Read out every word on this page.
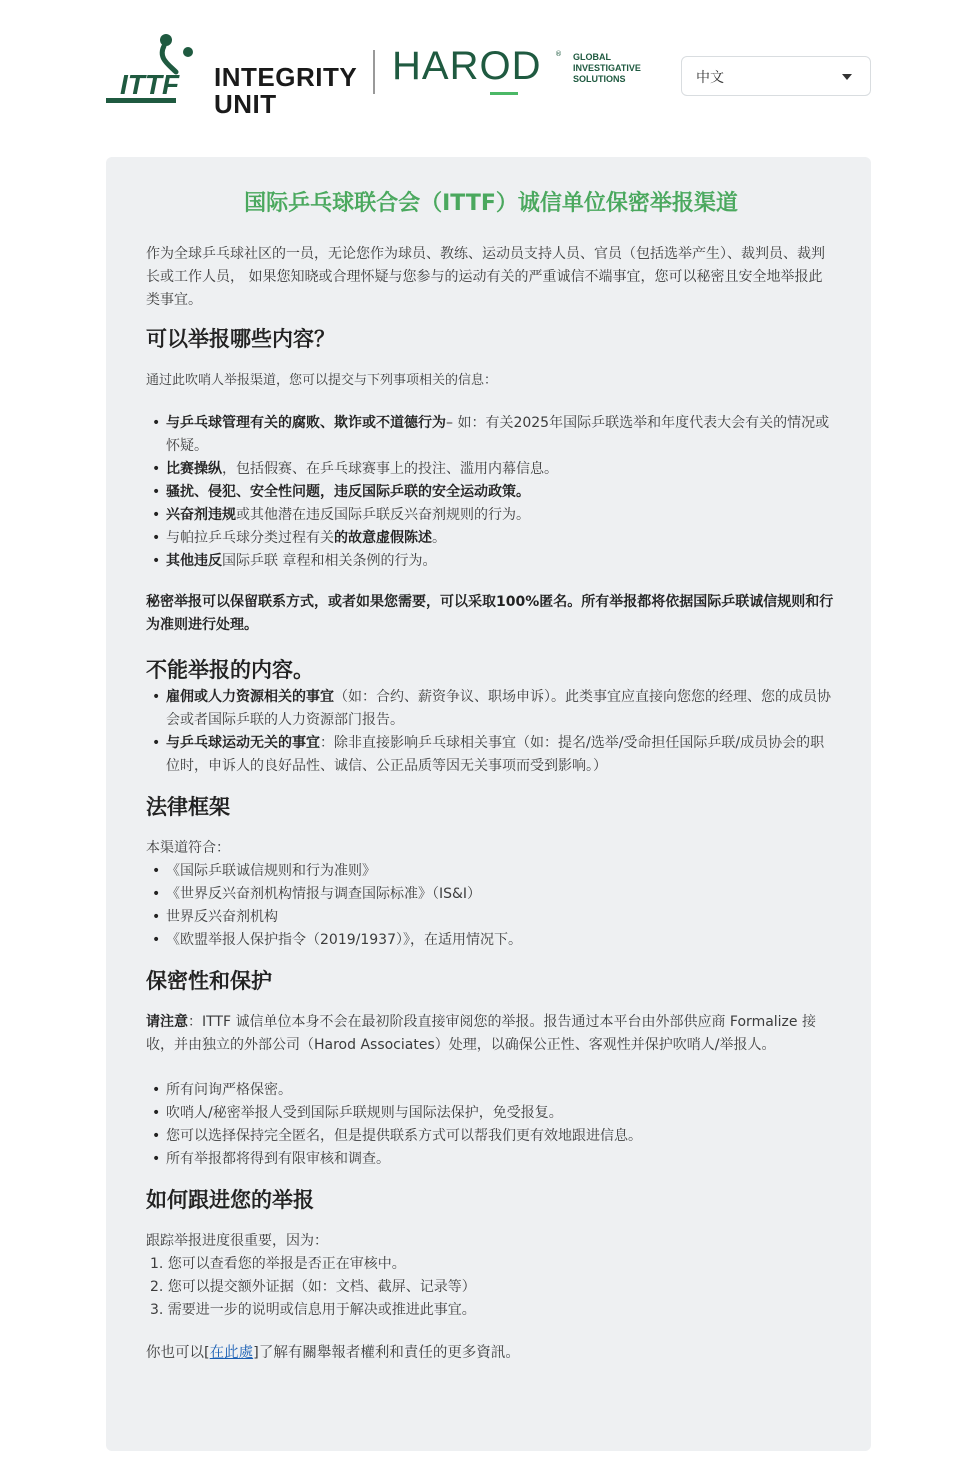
ITTF INTEGRITY
UNIT
HAROD ® GLOBAL
INVESTIGATIVE
SOLUTIONS	中文
国际乒乓球联合会（ITTF）诚信单位保密举报渠道

作为全球乒乓球社区的一员，无论您作为球员、教练、运动员支持人员、官员（包括选举产生）、裁判员、裁判长或工作人员， 如果您知晓或合理怀疑与您参与的运动有关的严重诚信不端事宜，您可以秘密且安全地举报此类事宜。

可以举报哪些内容？

通过此吹哨人举报渠道，您可以提交与下列事项相关的信息：

• 与乒乓球管理有关的腐败、欺诈或不道德行为– 如：有关2025年国际乒联选举和年度代表大会有关的情况或怀疑。
• 比赛操纵，包括假赛、在乒乓球赛事上的投注、滥用内幕信息。
• 骚扰、侵犯、安全性问题，违反国际乒联的安全运动政策。
• 兴奋剂违规或其他潜在违反国际乒联反兴奋剂规则的行为。
• 与帕拉乒乓球分类过程有关的故意虚假陈述。
• 其他违反国际乒联 章程和相关条例的行为。

秘密举报可以保留联系方式，或者如果您需要，可以采取100%匿名。所有举报都将依据国际乒联诚信规则和行为准则进行处理。

不能举报的内容。
• 雇佣或人力资源相关的事宜（如：合约、薪资争议、职场申诉）。此类事宜应直接向您您的经理、您的成员协会或者国际乒联的人力资源部门报告。
• 与乒乓球运动无关的事宜：除非直接影响乒乓球相关事宜（如：提名/选举/受命担任国际乒联/成员协会的职位时，申诉人的良好品性、诚信、公正品质等因无关事项而受到影响。）
法律框架

本渠道符合：

• 《国际乒联诚信规则和行为准则》
• 《世界反兴奋剂机构情报与调查国际标准》（IS&I）
• 世界反兴奋剂机构
• 《欧盟举报人保护指令（2019/1937）》，在适用情况下。
保密性和保护

请注意：ITTF 诚信单位本身不会在最初阶段直接审阅您的举报。报告通过本平台由外部供应商 Formalize 接收，并由独立的外部公司（Harod Associates）处理，以确保公正性、客观性并保护吹哨人/举报人。

• 所有问询严格保密。
• 吹哨人/秘密举报人受到国际乒联规则与国际法保护，免受报复。
• 您可以选择保持完全匿名，但是提供联系方式可以帮我们更有效地跟进信息。
• 所有举报都将得到有限审核和调查。
如何跟进您的举报

跟踪举报进度很重要，因为：

1. 您可以查看您的举报是否正在审核中。
2. 您可以提交额外证据（如：文档、截屏、记录等）
3. 需要进一步的说明或信息用于解决或推进此事宜。

你也可以[在此處]了解有關舉報者權利和責任的更多資訊。
